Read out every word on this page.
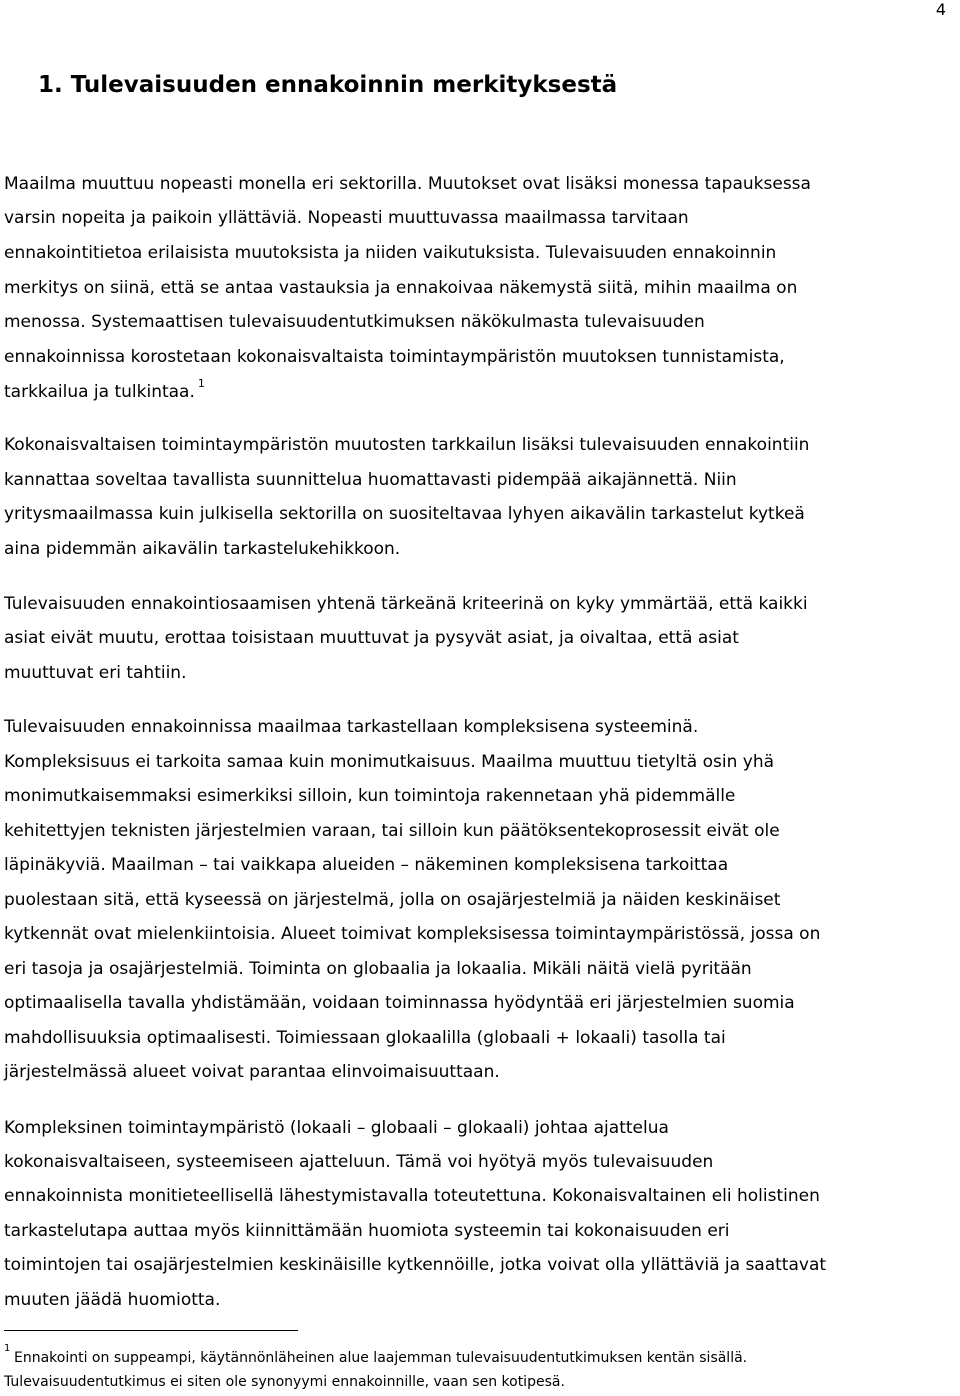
4
1. Tulevaisuuden ennakoinnin merkityksestä
Maailma muuttuu nopeasti monella eri sektorilla. Muutokset ovat lisäksi monessa tapauksessa
varsin nopeita ja paikoin yllättäviä. Nopeasti muuttuvassa maailmassa tarvitaan
ennakointitietoa erilaisista muutoksista ja niiden vaikutuksista. Tulevaisuuden ennakoinnin
merkitys on siinä, että se antaa vastauksia ja ennakoivaa näkemystä siitä, mihin maailma on
menossa. Systemaattisen tulevaisuudentutkimuksen näkökulmasta tulevaisuuden
ennakoinnissa korostetaan kokonaisvaltaista toimintaympäristön muutoksen tunnistamista,
tarkkailua ja tulkintaa. $^1$
Kokonaisvaltaisen toimintaympäristön muutosten tarkkailun lisäksi tulevaisuuden ennakointiin
kannattaa soveltaa tavallista suunnittelua huomattavasti pidempää aikajännettä. Niin
yritysmaailmassa kuin julkisella sektorilla on suositeltavaa lyhyen aikavälin tarkastelut kytkeä
aina pidemmän aikavälin tarkastelukehikkoon.
Tulevaisuuden ennakointiosaamisen yhtenä tärkeänä kriteerinä on kyky ymmärtää, että kaikki
asiat eivät muutu, erottaa toisistaan muuttuvat ja pysyvät asiat, ja oivaltaa, että asiat
muuttuvat eri tahtiin.
Tulevaisuuden ennakoinnissa maailmaa tarkastellaan kompleksisena systeeminä.
Kompleksisuus ei tarkoita samaa kuin monimutkaisuus. Maailma muuttuu tietyltä osin yhä
monimutkaisemmaksi esimerkiksi silloin, kun toimintoja rakennetaan yhä pidemmälle
kehitettyjen teknisten järjestelmien varaan, tai silloin kun päätöksentekoprosessit eivät ole
läpinäkyviä. Maailman – tai vaikkapa alueiden – näkeminen kompleksisena tarkoittaa
puolestaan sitä, että kyseessä on järjestelmä, jolla on osajärjestelmiä ja näiden keskinäiset
kytkennät ovat mielenkiintoisia. Alueet toimivat kompleksisessa toimintaympäristössä, jossa on
eri tasoja ja osajärjestelmiä. Toiminta on globaalia ja lokaalia. Mikäli näitä vielä pyritään
optimaalisella tavalla yhdistämään, voidaan toiminnassa hyödyntää eri järjestelmien suomia
mahdollisuuksia optimaalisesti. Toimiessaan glokaalilla (globaali + lokaali) tasolla tai
järjestelmässä alueet voivat parantaa elinvoimaisuuttaan.
Kompleksinen toimintaympäristö (lokaali – globaali – glokaali) johtaa ajattelua
kokonaisvaltaiseen, systeemiseen ajatteluun. Tämä voi hyötyä myös tulevaisuuden
ennakoinnista monitieteellisellä lähestymistavalla toteutettuna. Kokonaisvaltainen eli holistinen
tarkastelutapa auttaa myös kiinnittämään huomiota systeemin tai kokonaisuuden eri
toimintojen tai osajärjestelmien keskinäisille kytkennöille, jotka voivat olla yllättäviä ja saattavat
muuten jäädä huomiotta.
1
Ennakointi on suppeampi, käytännönläheinen alue laajemman tulevaisuudentutkimuksen kentän sisällä.
Tulevaisuudentutkimus ei siten ole synonyymi ennakoinnille, vaan sen kotipesä.
